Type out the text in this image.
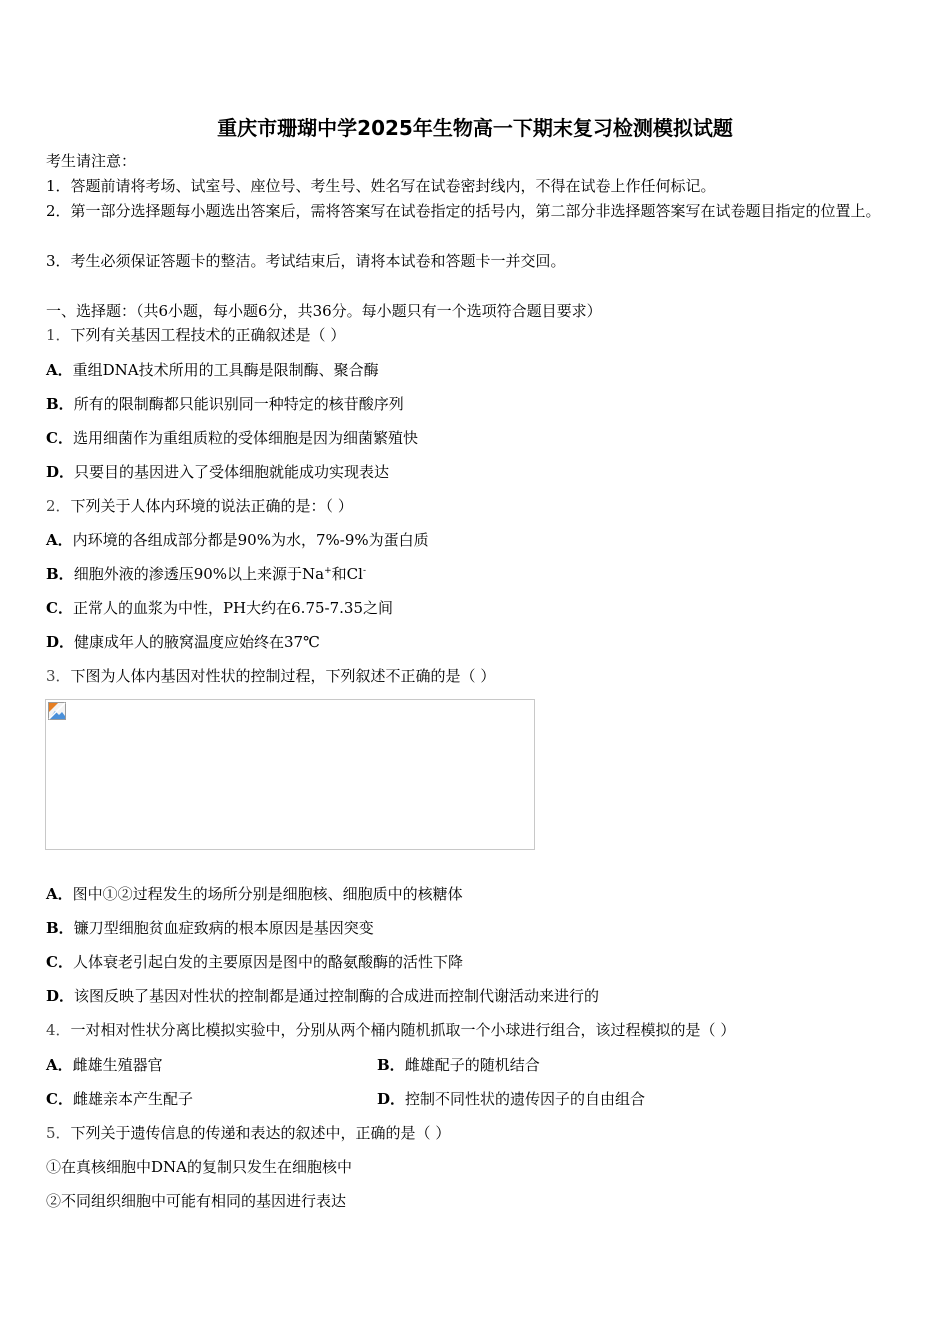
重庆市珊瑚中学2025年生物高一下期末复习检测模拟试题
考生请注意：
1．答题前请将考场、试室号、座位号、考生号、姓名写在试卷密封线内，不得在试卷上作任何标记。
2．第一部分选择题每小题选出答案后，需将答案写在试卷指定的括号内，第二部分非选择题答案写在试卷题目指定的位置上。
3．考生必须保证答题卡的整洁。考试结束后，请将本试卷和答题卡一并交回。
一、选择题：（共6小题，每小题6分，共36分。每小题只有一个选项符合题目要求）
1．下列有关基因工程技术的正确叙述是（ ）
A．重组DNA技术所用的工具酶是限制酶、聚合酶
B．所有的限制酶都只能识别同一种特定的核苷酸序列
C．选用细菌作为重组质粒的受体细胞是因为细菌繁殖快
D．只要目的基因进入了受体细胞就能成功实现表达
2．下列关于人体内环境的说法正确的是：（ ）
A．内环境的各组成部分都是90%为水，7%-9%为蛋白质
B．细胞外液的渗透压90%以上来源于Na+和Cl-
C．正常人的血浆为中性，PH大约在6.75-7.35之间
D．健康成年人的腋窝温度应始终在37℃
3．下图为人体内基因对性状的控制过程，下列叙述不正确的是（ ）
A．图中①②过程发生的场所分别是细胞核、细胞质中的核糖体
B．镰刀型细胞贫血症致病的根本原因是基因突变
C．人体衰老引起白发的主要原因是图中的酪氨酸酶的活性下降
D．该图反映了基因对性状的控制都是通过控制酶的合成进而控制代谢活动来进行的
4．一对相对性状分离比模拟实验中，分别从两个桶内随机抓取一个小球进行组合，该过程模拟的是（ ）
A．雌雄生殖器官	B．雌雄配子的随机结合
C．雌雄亲本产生配子	D．控制不同性状的遗传因子的自由组合
5．下列关于遗传信息的传递和表达的叙述中，正确的是（ ）
①在真核细胞中DNA的复制只发生在细胞核中
②不同组织细胞中可能有相同的基因进行表达
